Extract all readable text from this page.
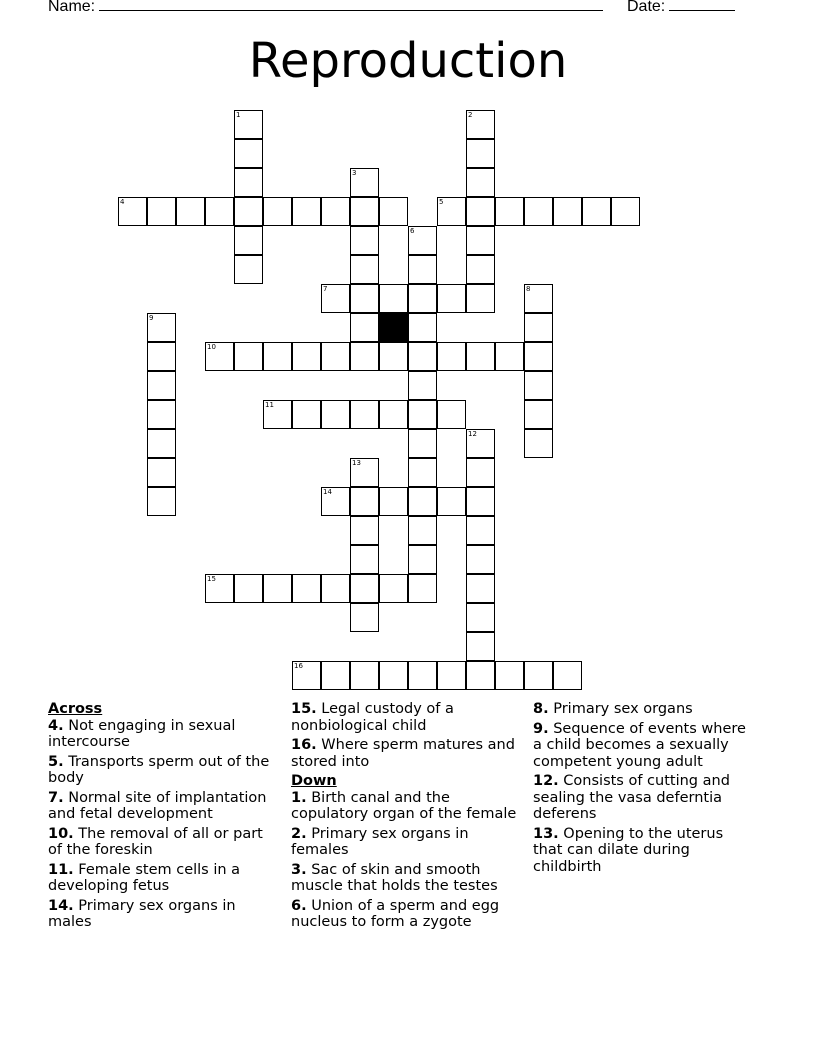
Name:	Date:
Reproduction
1	2
3
4	5
6
7	8
9
10
11
12
13
14
15
16
Across
4. Not engaging in sexual intercourse
5. Transports sperm out of the body
7. Normal site of implantation and fetal development
10. The removal of all or part of the foreskin
11. Female stem cells in a developing fetus
14. Primary sex organs in males
15. Legal custody of a nonbiological child
16. Where sperm matures and stored into
Down
1. Birth canal and the copulatory organ of the female
2. Primary sex organs in females
3. Sac of skin and smooth muscle that holds the testes
6. Union of a sperm and egg nucleus to form a zygote
8. Primary sex organs
9. Sequence of events where a child becomes a sexually competent young adult
12. Consists of cutting and sealing the vasa deferntia deferens
13. Opening to the uterus that can dilate during childbirth
